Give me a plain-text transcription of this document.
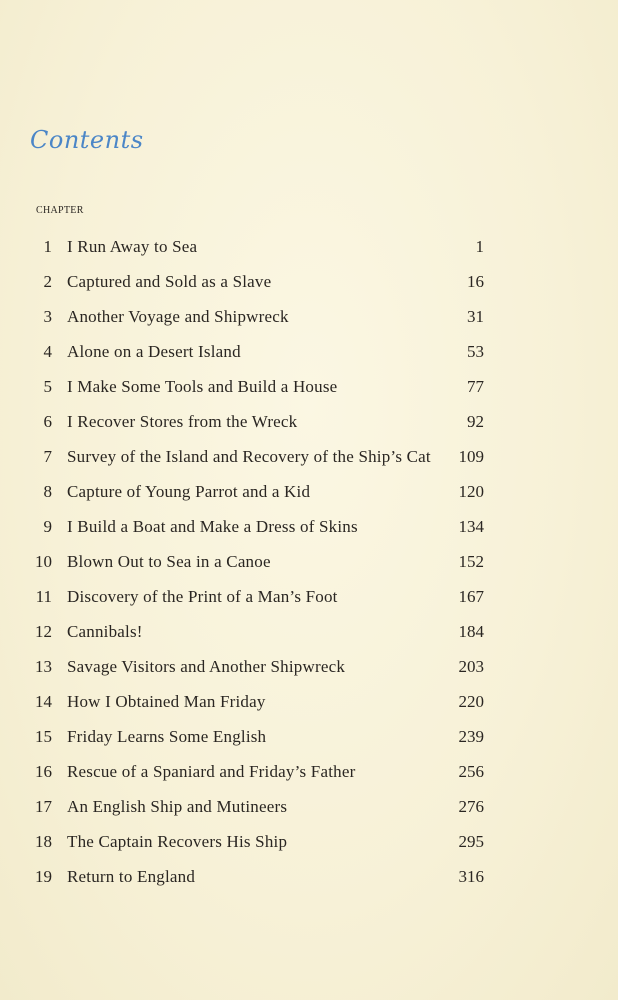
Contents
CHAPTER
1 I Run Away to Sea	1
2 Captured and Sold as a Slave	16
3 Another Voyage and Shipwreck	31
4 Alone on a Desert Island	53
5 I Make Some Tools and Build a House	77
6 I Recover Stores from the Wreck	92
7 Survey of the Island and Recovery of the Ship’s Cat 109
8 Capture of Young Parrot and a Kid	120
9 I Build a Boat and Make a Dress of Skins	134
10 Blown Out to Sea in a Canoe	152
11 Discovery of the Print of a Man’s Foot	167
12 Cannibals!	184
13 Savage Visitors and Another Shipwreck	203
14 How I Obtained Man Friday	220
15 Friday Learns Some English	239
16 Rescue of a Spaniard and Friday’s Father	256
17 An English Ship and Mutineers	276
18 The Captain Recovers His Ship	295
19 Return to England	316
